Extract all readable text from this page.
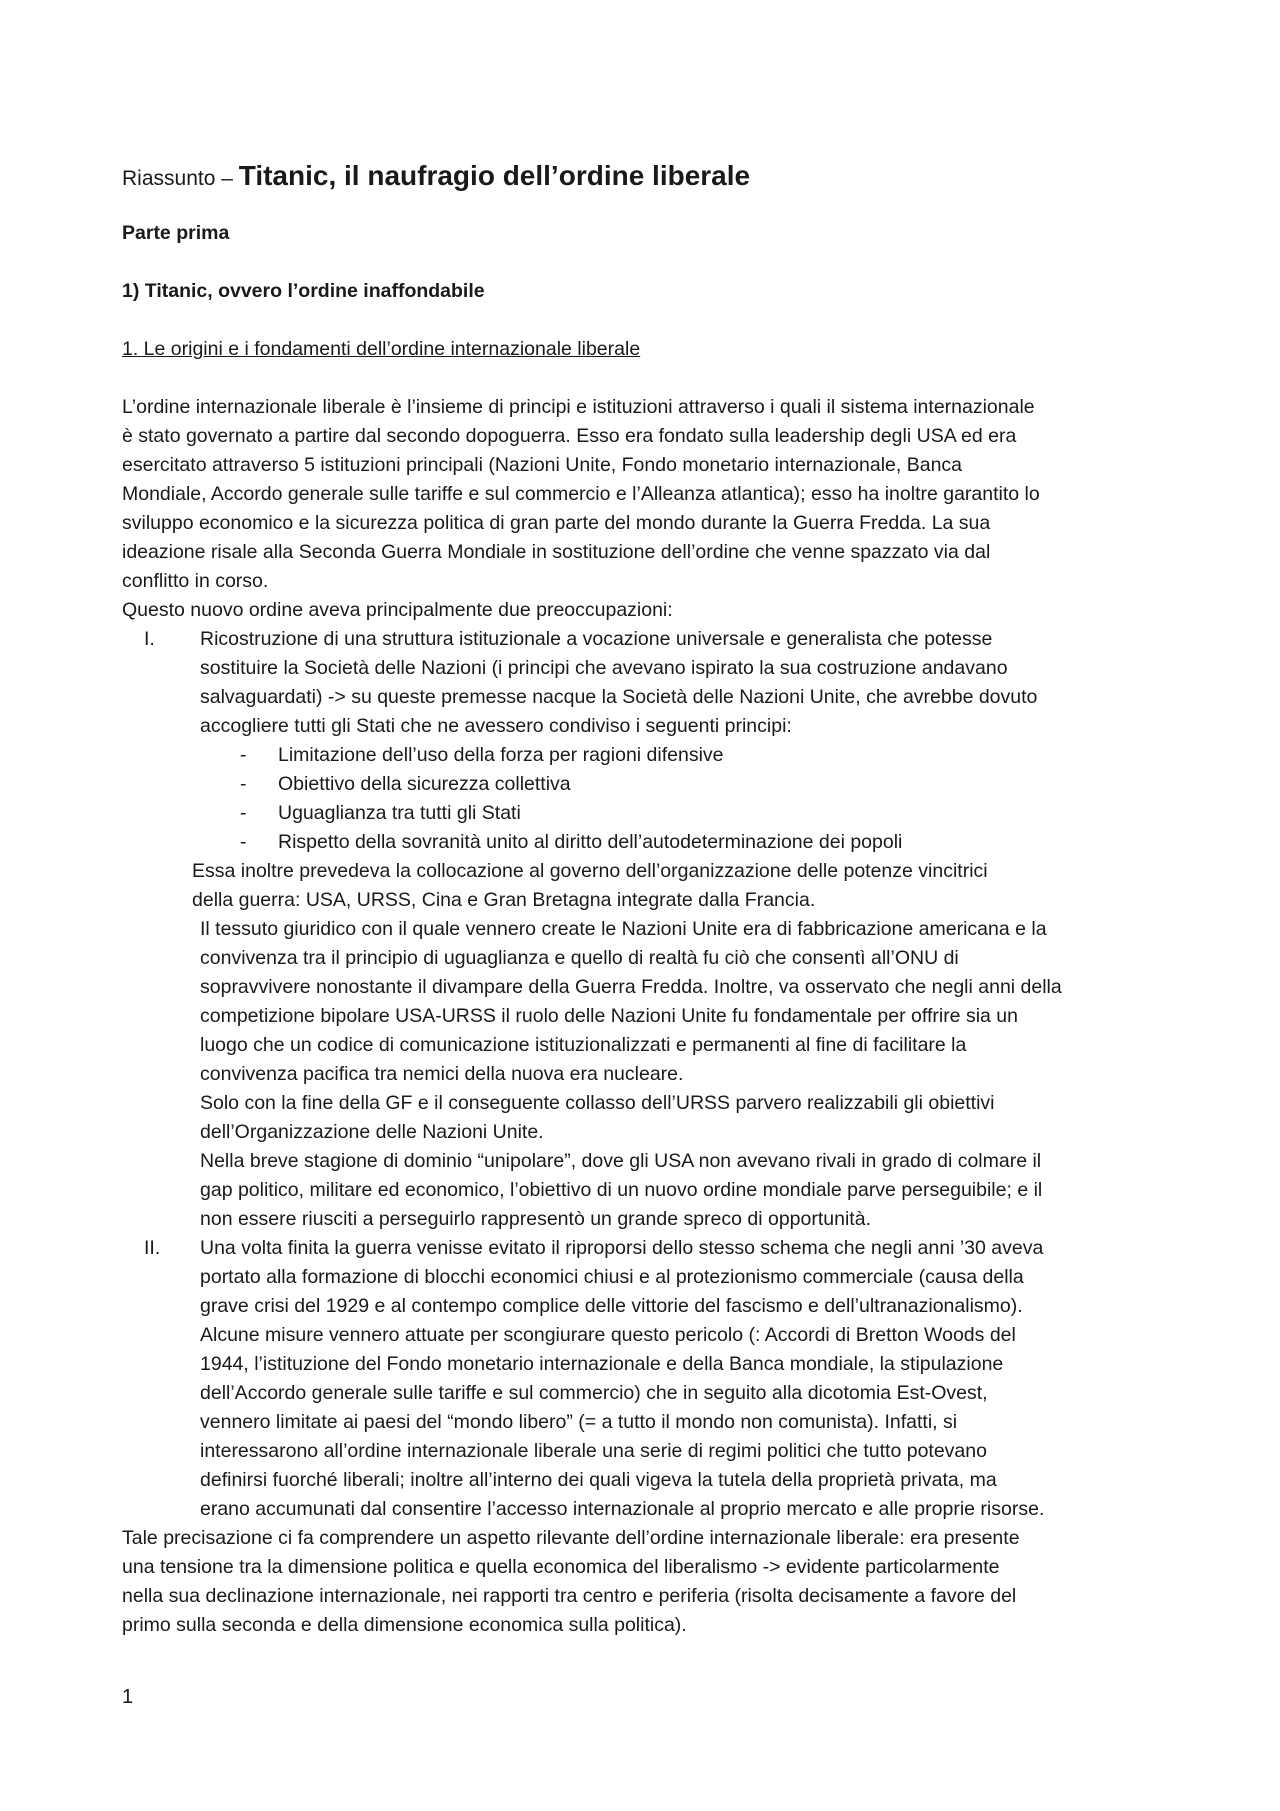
Riassunto – Titanic, il naufragio dell’ordine liberale

Parte prima

1) Titanic, ovvero l’ordine inaffondabile

1. Le origini e i fondamenti dell’ordine internazionale liberale

L’ordine internazionale liberale è l’insieme di principi e istituzioni attraverso i quali il sistema internazionale

è stato governato a partire dal secondo dopoguerra. Esso era fondato sulla leadership degli USA ed era

esercitato attraverso 5 istituzioni principali (Nazioni Unite, Fondo monetario internazionale, Banca

Mondiale, Accordo generale sulle tariffe e sul commercio e l’Alleanza atlantica); esso ha inoltre garantito lo

sviluppo economico e la sicurezza politica di gran parte del mondo durante la Guerra Fredda. La sua

ideazione risale alla Seconda Guerra Mondiale in sostituzione dell’ordine che venne spazzato via dal

conflitto in corso.

Questo nuovo ordine aveva principalmente due preoccupazioni:

I.	Ricostruzione di una struttura istituzionale a vocazione universale e generalista che potesse

sostituire la Società delle Nazioni (i principi che avevano ispirato la sua costruzione andavano

salvaguardati) -> su queste premesse nacque la Società delle Nazioni Unite, che avrebbe dovuto

accogliere tutti gli Stati che ne avessero condiviso i seguenti principi:

- Limitazione dell’uso della forza per ragioni difensive
- Obiettivo della sicurezza collettiva
- Uguaglianza tra tutti gli Stati
- Rispetto della sovranità unito al diritto dell’autodeterminazione dei popoli

Essa inoltre prevedeva la collocazione al governo dell’organizzazione delle potenze vincitrici

della guerra: USA, URSS, Cina e Gran Bretagna integrate dalla Francia.

Il tessuto giuridico con il quale vennero create le Nazioni Unite era di fabbricazione americana e la

convivenza tra il principio di uguaglianza e quello di realtà fu ciò che consentì all’ONU di

sopravvivere nonostante il divampare della Guerra Fredda. Inoltre, va osservato che negli anni della

competizione bipolare USA-URSS il ruolo delle Nazioni Unite fu fondamentale per offrire sia un

luogo che un codice di comunicazione istituzionalizzati e permanenti al fine di facilitare la

convivenza pacifica tra nemici della nuova era nucleare.

Solo con la fine della GF e il conseguente collasso dell’URSS parvero realizzabili gli obiettivi

dell’Organizzazione delle Nazioni Unite.

Nella breve stagione di dominio “unipolare”, dove gli USA non avevano rivali in grado di colmare il

gap politico, militare ed economico, l’obiettivo di un nuovo ordine mondiale parve perseguibile; e il

non essere riusciti a perseguirlo rappresentò un grande spreco di opportunità.

II.	Una volta finita la guerra venisse evitato il riproporsi dello stesso schema che negli anni ’30 aveva

portato alla formazione di blocchi economici chiusi e al protezionismo commerciale (causa della

grave crisi del 1929 e al contempo complice delle vittorie del fascismo e dell’ultranazionalismo).

Alcune misure vennero attuate per scongiurare questo pericolo (: Accordi di Bretton Woods del

1944, l’istituzione del Fondo monetario internazionale e della Banca mondiale, la stipulazione

dell’Accordo generale sulle tariffe e sul commercio) che in seguito alla dicotomia Est-Ovest,

vennero limitate ai paesi del “mondo libero” (= a tutto il mondo non comunista). Infatti, si

interessarono all’ordine internazionale liberale una serie di regimi politici che tutto potevano

definirsi fuorché liberali; inoltre all’interno dei quali vigeva la tutela della proprietà privata, ma

erano accumunati dal consentire l’accesso internazionale al proprio mercato e alle proprie risorse.

Tale precisazione ci fa comprendere un aspetto rilevante dell’ordine internazionale liberale: era presente

una tensione tra la dimensione politica e quella economica del liberalismo -> evidente particolarmente

nella sua declinazione internazionale, nei rapporti tra centro e periferia (risolta decisamente a favore del

primo sulla seconda e della dimensione economica sulla politica).

1
